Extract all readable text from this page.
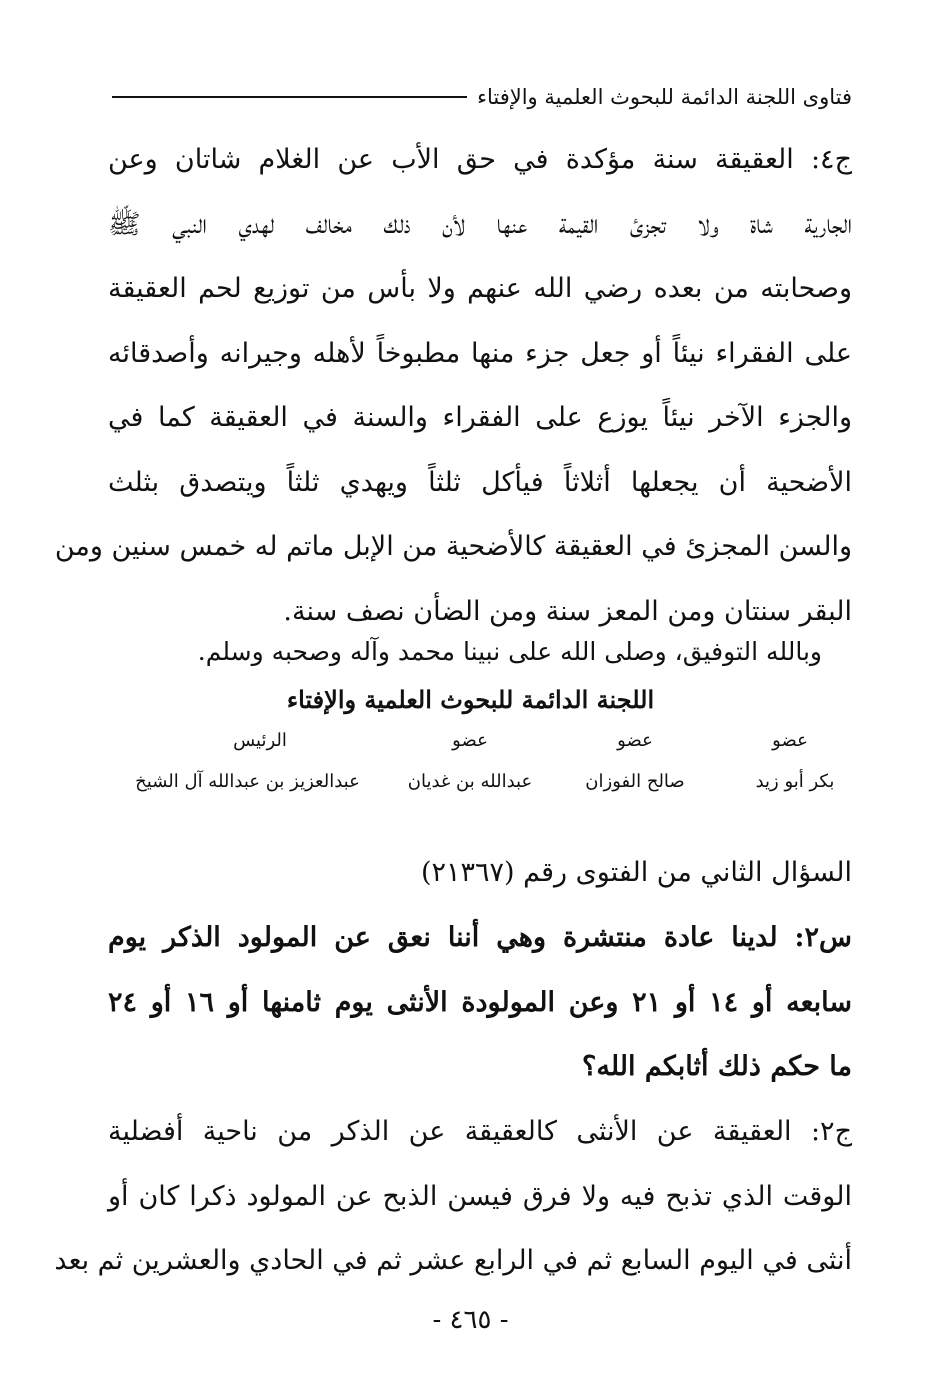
فتاوى اللجنة الدائمة للبحوث العلمية والإفتاء
ج٤: العقيقة سنة مؤكدة في حق الأب عن الغلام شاتان وعن
الجارية شاة ولا تجزئ القيمة عنها لأن ذلك مخالف لهدي النبي ﷺ
وصحابته من بعده رضي الله عنهم ولا بأس من توزيع لحم العقيقة
على الفقراء نيئاً أو جعل جزء منها مطبوخاً لأهله وجيرانه وأصدقائه
والجزء الآخر نيئاً يوزع على الفقراء والسنة في العقيقة كما في
الأضحية أن يجعلها أثلاثاً فيأكل ثلثاً ويهدي ثلثاً ويتصدق بثلث
والسن المجزئ في العقيقة كالأضحية من الإبل ماتم له خمس سنين ومن
البقر سنتان ومن المعز سنة ومن الضأن نصف سنة.
وبالله التوفيق، وصلى الله على نبينا محمد وآله وصحبه وسلم.
اللجنة الدائمة للبحوث العلمية والإفتاء
عضو
عضو
عضو
الرئيس
بكر أبو زيد
صالح الفوزان
عبدالله بن غديان
عبدالعزيز بن عبدالله آل الشيخ
السؤال الثاني من الفتوى رقم (٢١٣٦٧)
س٢: لدينا عادة منتشرة وهي أننا نعق عن المولود الذكر يوم
سابعه أو ١٤ أو ٢١ وعن المولودة الأنثى يوم ثامنها أو ١٦ أو ٢٤
ما حكم ذلك أثابكم الله؟
ج٢: العقيقة عن الأنثى كالعقيقة عن الذكر من ناحية أفضلية
الوقت الذي تذبح فيه ولا فرق فيسن الذبح عن المولود ذكرا كان أو
أنثى في اليوم السابع ثم في الرابع عشر ثم في الحادي والعشرين ثم بعد
- ٤٦٥ -
